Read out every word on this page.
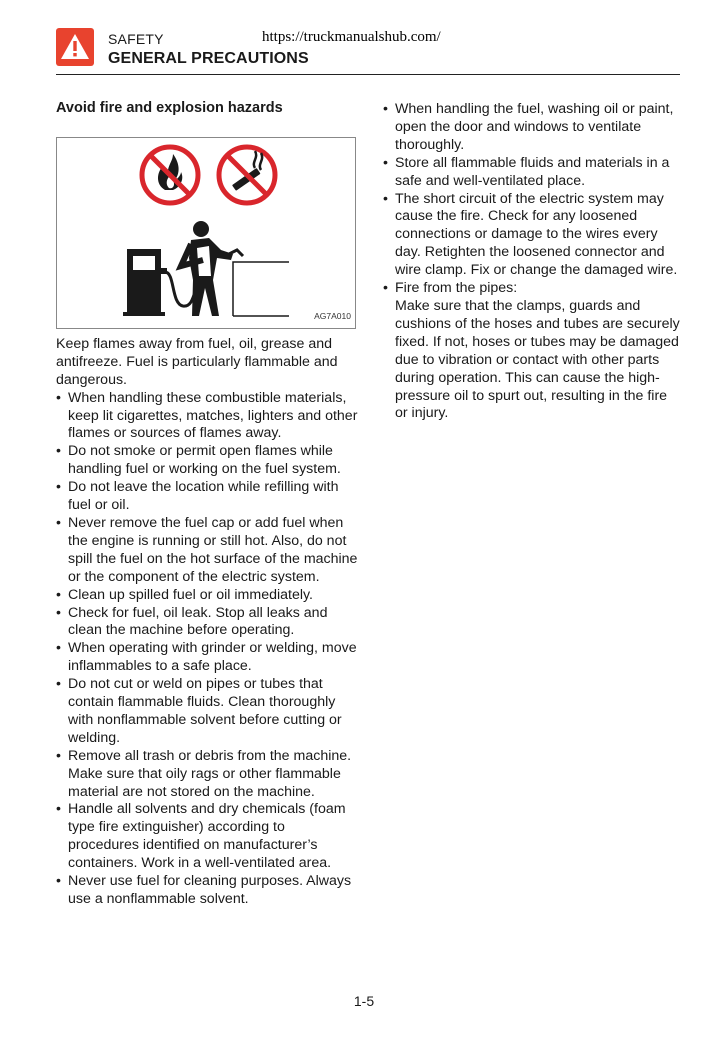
SAFETY	https://truckmanualshub.com/
GENERAL PRECAUTIONS
Avoid fire and explosion hazards
AG7A010

Keep flames away from fuel, oil, grease and antifreeze. Fuel is particularly flammable and dangerous.

• When handling these combustible materials, keep lit cigarettes, matches, lighters and other flames or sources of flames away.
• Do not smoke or permit open flames while handling fuel or working on the fuel system.
• Do not leave the location while refilling with fuel or oil.
• Never remove the fuel cap or add fuel when the engine is running or still hot. Also, do not spill the fuel on the hot surface of the machine or the component of the electric system.
• Clean up spilled fuel or oil immediately.
• Check for fuel, oil leak. Stop all leaks and clean the machine before operating.
• When operating with grinder or welding, move inflammables to a safe place.
• Do not cut or weld on pipes or tubes that contain flammable fluids. Clean thoroughly with nonflammable solvent before cutting or welding.
• Remove all trash or debris from the machine. Make sure that oily rags or other flammable material are not stored on the machine.
• Handle all solvents and dry chemicals (foam type fire extinguisher) according to procedures identified on manufacturer’s containers. Work in a well-ventilated area.
• Never use fuel for cleaning purposes. Always use a nonflammable solvent.
• When handling the fuel, washing oil or paint, open the door and windows to ventilate thoroughly.
• Store all flammable fluids and materials in a safe and well-ventilated place.
• The short circuit of the electric system may cause the fire. Check for any loosened connections or damage to the wires every day. Retighten the loosened connector and wire clamp. Fix or change the damaged wire.
• Fire from the pipes:
Make sure that the clamps, guards and cushions of the hoses and tubes are securely fixed. If not, hoses or tubes may be damaged due to vibration or contact with other parts during operation. This can cause the high-pressure oil to spurt out, resulting in the fire or injury.
1-5
